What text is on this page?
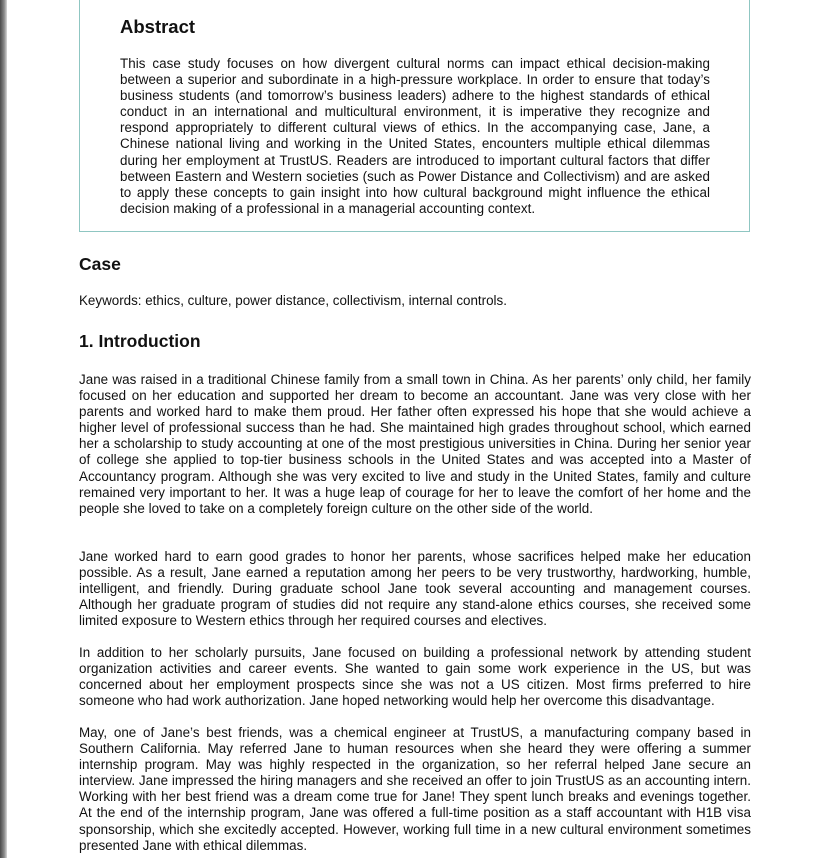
Abstract

This case study focuses on how divergent cultural norms can impact ethical decision-making between a superior and subordinate in a high-pressure workplace. In order to ensure that today’s business students (and tomorrow’s business leaders) adhere to the highest standards of ethical conduct in an international and multicultural environment, it is imperative they recognize and respond appropriately to different cultural views of ethics. In the accompanying case, Jane, a Chinese national living and working in the United States, encounters multiple ethical dilemmas during her employment at TrustUS. Readers are introduced to important cultural factors that differ between Eastern and Western societies (such as Power Distance and Collectivism) and are asked to apply these concepts to gain insight into how cultural background might influence the ethical decision making of a professional in a managerial accounting context.

Case

Keywords: ethics, culture, power distance, collectivism, internal controls.

1. Introduction

Jane was raised in a traditional Chinese family from a small town in China. As her parents’ only child, her family focused on her education and supported her dream to become an accountant. Jane was very close with her parents and worked hard to make them proud. Her father often expressed his hope that she would achieve a higher level of professional success than he had. She maintained high grades throughout school, which earned her a scholarship to study accounting at one of the most prestigious universities in China. During her senior year of college she applied to top-tier business schools in the United States and was accepted into a Master of Accountancy program. Although she was very excited to live and study in the United States, family and culture remained very important to her. It was a huge leap of courage for her to leave the comfort of her home and the people she loved to take on a completely foreign culture on the other side of the world.

Jane worked hard to earn good grades to honor her parents, whose sacrifices helped make her education possible. As a result, Jane earned a reputation among her peers to be very trustworthy, hardworking, humble, intelligent, and friendly. During graduate school Jane took several accounting and management courses. Although her graduate program of studies did not require any stand-alone ethics courses, she received some limited exposure to Western ethics through her required courses and electives.

In addition to her scholarly pursuits, Jane focused on building a professional network by attending student organization activities and career events. She wanted to gain some work experience in the US, but was concerned about her employment prospects since she was not a US citizen. Most firms preferred to hire someone who had work authorization. Jane hoped networking would help her overcome this disadvantage.

May, one of Jane’s best friends, was a chemical engineer at TrustUS, a manufacturing company based in Southern California. May referred Jane to human resources when she heard they were offering a summer internship program. May was highly respected in the organization, so her referral helped Jane secure an interview. Jane impressed the hiring managers and she received an offer to join TrustUS as an accounting intern. Working with her best friend was a dream come true for Jane! They spent lunch breaks and evenings together. At the end of the internship program, Jane was offered a full-time position as a staff accountant with H1B visa sponsorship, which she excitedly accepted. However, working full time in a new cultural environment sometimes presented Jane with ethical dilemmas.
